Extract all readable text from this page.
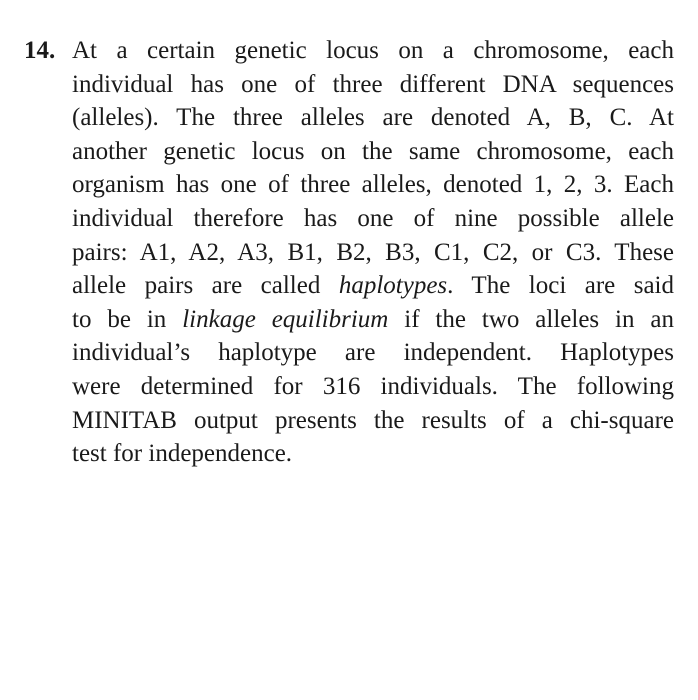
14. At a certain genetic locus on a chromosome, each
individual has one of three different DNA sequences
(alleles). The three alleles are denoted A, B, C. At
another genetic locus on the same chromosome, each
organism has one of three alleles, denoted 1, 2, 3. Each
individual therefore has one of nine possible allele
pairs: A1, A2, A3, B1, B2, B3, C1, C2, or C3. These
allele pairs are called haplotypes. The loci are said
to be in linkage equilibrium if the two alleles in an
individual’s haplotype are independent. Haplotypes
were determined for 316 individuals. The following
MINITAB output presents the results of a chi-square
test for independence.
